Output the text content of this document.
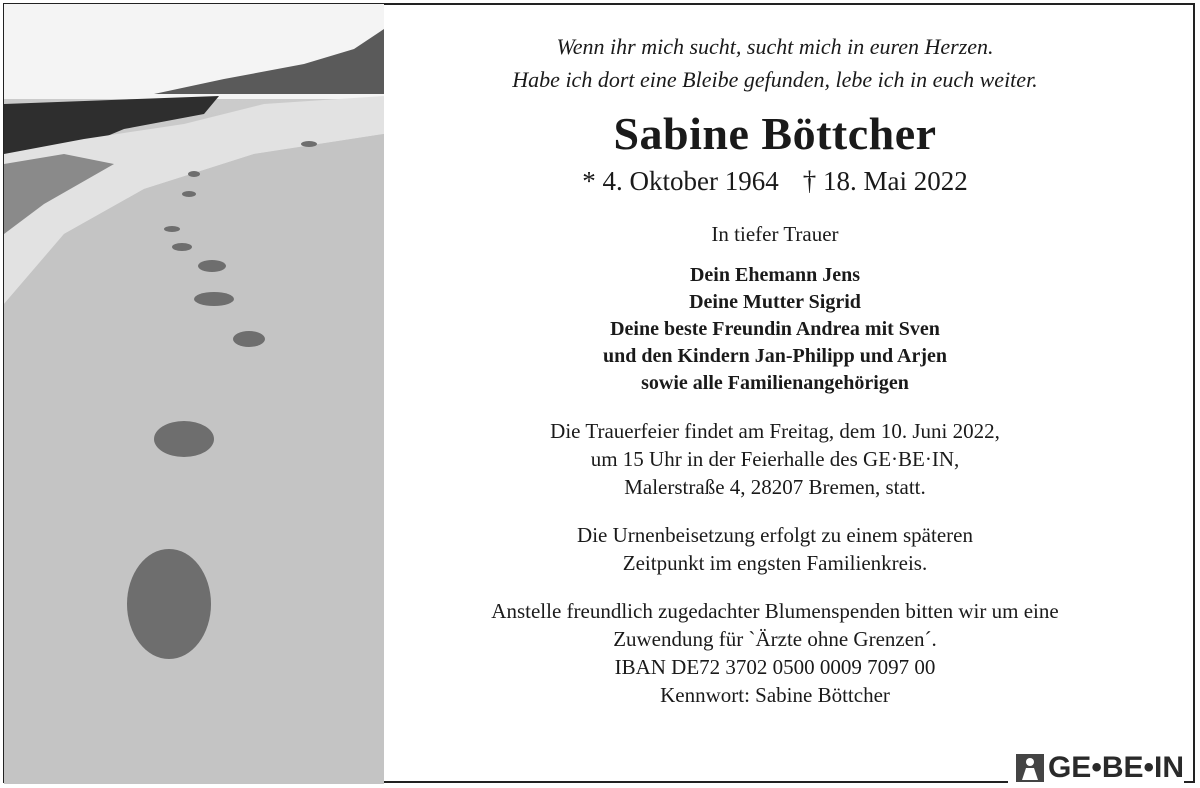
Wenn ihr mich sucht, sucht mich in euren Herzen.
Habe ich dort eine Bleibe gefunden, lebe ich in euch weiter.
Sabine Böttcher
* 4. Oktober 1964 † 18. Mai 2022
In tiefer Trauer
Dein Ehemann Jens
Deine Mutter Sigrid
Deine beste Freundin Andrea mit Sven
und den Kindern Jan-Philipp und Arjen
sowie alle Familienangehörigen
Die Trauerfeier findet am Freitag, dem 10. Juni 2022,
um 15 Uhr in der Feierhalle des GE·BE·IN,
Malerstraße 4, 28207 Bremen, statt.
Die Urnenbeisetzung erfolgt zu einem späteren
Zeitpunkt im engsten Familienkreis.
Anstelle freundlich zugedachter Blumenspenden bitten wir um eine
Zuwendung für `Ärzte ohne Grenzen´.
IBAN DE72 3702 0500 0009 7097 00
Kennwort: Sabine Böttcher
GE•BE•IN
